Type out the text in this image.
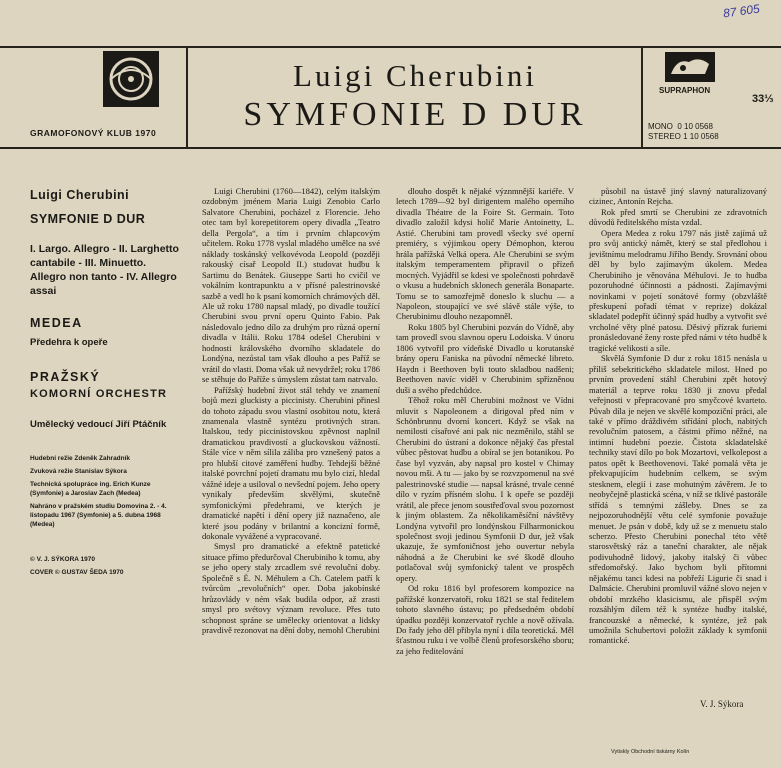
GRAMOFONOVÝ KLUB 1970
Luigi Cherubini
SYMFONIE D DUR
SUPRAPHON
33⅓
MONO  0 10 0568
STEREO 1 10 0568
87 605
Luigi Cherubini
SYMFONIE D DUR
I. Largo. Allegro - II. Larghetto cantabile - III. Minuetto. Allegro non tanto - IV. Allegro assai
MEDEA
Předehra k opeře
PRAŽSKÝ
KOMORNÍ ORCHESTR
Umělecký vedoucí Jiří Ptáčník
Hudební režie Zdeněk Zahradník
Zvuková režie Stanislav Sýkora
Technická spolupráce ing. Erich Kunze (Symfonie) a Jaroslav Zach (Medea)
Nahráno v pražském studiu Domovina 2. - 4. listopadu 1967 (Symfonie) a 5. dubna 1968 (Medea)
© V. J. SÝKORA 1970
COVER © GUSTAV ŠEDA 1970

Luigi Cherubini (1760—1842), celým italským ozdobným jménem Maria Luigi Zenobio Carlo Salvatore Cherubini, pocházel z Florencie. Jeho otec tam byl korepetitorem opery divadla „Teatro della Pergola“, a tím i prvním chlapcovým učitelem. Roku 1778 vyslal mladého umělce na své náklady toskánský velkovévoda Leopold (později rakouský císař Leopold II.) studovat hudbu k Sartimu do Benátek. Giuseppe Sarti ho cvičil ve vokálním kontrapunktu a v přísné palestrinovské sazbě a vedl ho k psaní komorních chrámových děl. Ale už roku 1780 napsal mladý, po divadle toužící Cherubini svou první operu Quinto Fabio. Pak následovalo jedno dílo za druhým pro různá operní divadla v Itálii. Roku 1784 odešel Cherubini v hodnosti královského dvorního skladatele do Londýna, nezůstal tam však dlouho a pes Paříž se vrátil do vlasti. Doma však už nevydržel; roku 1786 se stěhuje do Paříže s úmyslem zůstat tam natrvalo.

Pařížský hudební život stál tehdy ve znamení bojů mezi gluckisty a piccinisty. Cherubini přinesl do tohoto západu svou vlastní osobitou notu, která znamenala vlastně syntézu protivných stran. Italskou, tedy piccinistovskou zpěvnost naplnil dramatickou pravdivostí a gluckovskou vážností. Stále více v něm sílila záliba pro vznešený patos a pro hlubší citové zaměření hudby. Tehdejší běžné italské povrchní pojetí dramatu mu bylo cizí, hledal vážné ideje a usiloval o nevšední pojem. Jeho opery vynikaly především skvělými, skutečně symfonickými předehrami, ve kterých je dramatické napětí i dění opery již naznačeno, ale které jsou podány v brilantní a koncizní formě, dokonale vyvážené a vypracované.

Smysl pro dramatické a efektně patetické situace přímo předurčoval Cherubiniho k tomu, aby se jeho opery staly zrcadlem své revoluční doby. Společně s É. N. Méhulem a Ch. Catelem patří k tvůrcům „revolučních“ oper. Doba jakobínské hrůzovlády v ném však budila odpor, až zrasti smysl pro svétovy význam revoluce. Přes tuto schopnost spráne se umělecky orientovat a lidsky pravdivě rezonovat na dění doby, nemohl Cherubini

dlouho dospět k nějaké význmnější kariéře. V letech 1789—92 byl dirigentem malého operního divadla Théatre de la Foire St. Germain. Toto divadlo založil kdysi holič Marie Antoinetty, L. Astié. Cherubini tam provedl všecky své operní premiéry, s výjimkou opery Démophon, kterou hrála pařížská Velká opera. Ale Cherubini se svým italským temperamentem připravil o přízeň mocných. Vyjádřil se kdesi ve společnosti pohrdavě o vkusu a hudebních sklonech generála Bonaparte. Tomu se to samozřejmě doneslo k sluchu — a Napoleon, stoupající ve své slávě stále výše, to Cherubinimu dlouho nezapomněl.

Roku 1805 byl Cherubini pozván do Vídně, aby tam provedl svou slavnou operu Lodoiska. V únoru 1806 vytvořil pro vídeňské Divadlo u korutanské brány operu Faniska na původní německé libreto. Haydn i Beethoven byli touto skladbou nadšeni; Beethoven navíc viděl v Cherubinim spřízněnou duši a svého předchůdce.

Těhož roku měl Cherubini možnost ve Vídni mluvit s Napoleonem a dirigoval před ním v Schönbrunnu dvorní koncert. Když se však na nemilosti císařové ani pak nic nezměnilo, stáhl se Cherubini do ústraní a dokonce nějaký čas přestal vůbec pěstovat hudbu a obíral se jen botanikou. Po čase byl vyzván, aby napsal pro kostel v Chimay novou mši. A tu — jako by se rozvzpomenul na své palestrinovské studie — napsal krásné, trvale cenné dílo v ryzím přísném slohu. I k opeře se později vrátil, ale přece jenom soustřeďoval svou pozornost k jiným oblastem. Za několikaměsíční návštěvy Londýna vytvořil pro londýnskou Filharmonickou společnost svoji jedinou Symfonii D dur, jež však ukazuje, že symfoničnost jeho ouvertur nebyla náhodná a že Cherubini ke své škodě dlouho potlačoval svůj symfonický talent ve prospěch opery.

Od roku 1816 byl profesorem kompozice na pařížské konzervatoři, roku 1821 se stal ředitelem tohoto slavného ústavu; po předsedném období úpadku později konzervatoř rychle a nově ožívala. Do řady jeho děl přibyla nyní i díla teoretická. Měl šťastnou ruku i ve volbě členů profesorského sboru; za jeho ředitelování

působil na ústavě jiný slavný naturalizovaný cizinec, Antonín Rejcha.

Rok před smrtí se Cherubini ze zdravotních důvodů ředitelského místa vzdal.

Opera Medea z roku 1797 nás jistě zajímá už pro svůj antický námět, který se stal předlohou i jevištnímu melodramu Jiřího Bendy. Srovnání obou děl by bylo zajímavým úkolem. Medea Cherubiniho je věnována Méhulovi. Je to hudba pozoruhodné účinnosti a pádnosti. Zajímavými novinkami v pojetí sonátové formy (obzvláště přeskupení pořadí témat v reprize) dokázal skladatel podepřít účinný spád hudby a vytvořit své vrcholné věty plné patosu. Děsivý přízrak furiemi pronásledované ženy roste před námi v této hudbě k tragické velikosti a síle.

Skvělá Symfonie D dur z roku 1815 nenásla u příliš sebekritického skladatele milost. Hned po prvním provedení stáhl Cherubini zpět hotový materiál a teprve roku 1830 ji znovu předal veřejnosti v přepracované pro smyčcové kvarteto. Půvab díla je nejen ve skvělé kompoziční práci, ale také v přímo dráždivém střídání ploch, nabitých revolučním patosem, a částmi přímo něžné, na intimní hudební poezie. Čistota skladatelské techniky staví dílo po bok Mozartovi, velkolepost a patos opět k Beethovenovi. Také pomalá věta je překvapujícím hudebním celkem, se svým stesknem, elegií i zase mohutným závěrem. Je to neobyčejně plastická scéna, v níž se tklivé pastorále střídá s temnými zášleby. Dnes se za nejpozoruhodnější větu celé symfonie považuje menuet. Je psán v době, kdy už se z menuetu stalo scherzo. Přesto Cherubini ponechal této větě starosvětský ráz a taneční charakter, ale nějak podivuhodně lidový, jakoby italský či vůbec středomořský. Jako bychom byli přítomni nějakému tanci kdesi na pobřeží Ligurie či snad i Dalmácie. Cherubini promluvil vážné slovo nejen v období mrzkého klasicismu, ale přispěl svým rozsáhlým dílem též k syntéze hudby italské, francouzské a německé, k syntéze, jež pak umožnila Schubertovi položit základy k symfonii romantické.

V. J. Sýkora
Vytiskly Obchodní tiskárny Kolín
